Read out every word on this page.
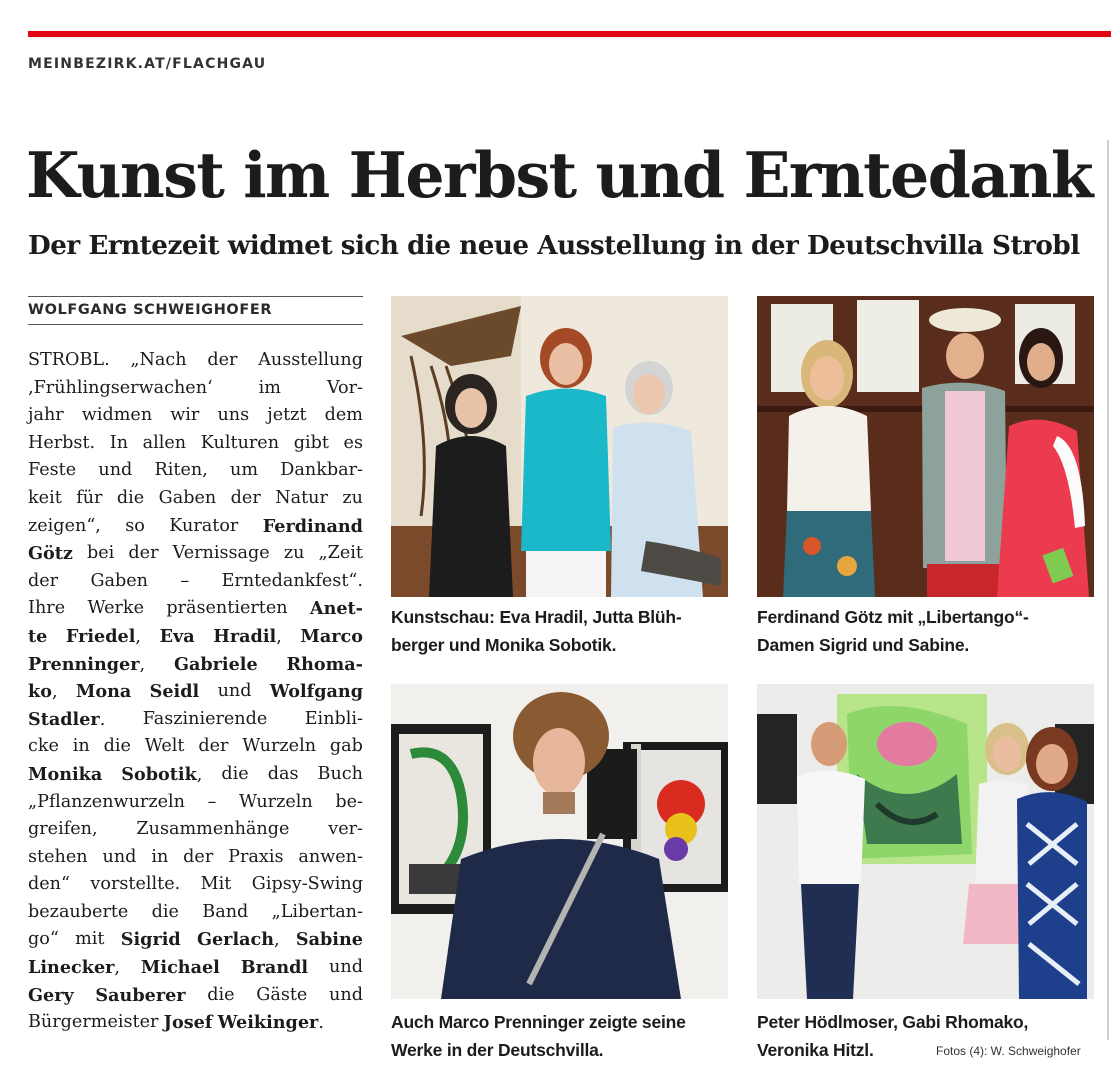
MEINBEZIRK.AT/FLACHGAU
Kunst im Herbst und Erntedank
Der Erntezeit widmet sich die neue Ausstellung in der Deutschvilla Strobl
WOLFGANG SCHWEIGHOFER
STROBL. „Nach der Ausstellung
‚Frühlingserwachen‘	im	Vor-
jahr widmen wir uns jetzt dem
Herbst. In allen Kulturen gibt es
Feste und Riten, um Dankbar-
keit für die Gaben der Natur zu
zeigen“, so Kurator Ferdinand
Götz bei der Vernissage zu „Zeit
der Gaben – Erntedankfest“.
Ihre Werke präsentierten Anet-
te Friedel, Eva Hradil, Marco
Prenninger, Gabriele Rhoma-
ko, Mona Seidl und Wolfgang
Stadler. Faszinierende Einbli-
cke in die Welt der Wurzeln gab
Monika Sobotik, die das Buch
„Pflanzenwurzeln – Wurzeln be-
greifen, Zusammenhänge ver-
stehen und in der Praxis anwen-
den“ vorstellte. Mit Gipsy-Swing
bezauberte die Band „Libertan-
go“ mit Sigrid Gerlach, Sabine
Linecker, Michael Brandl und
Gery Sauberer die Gäste und
Bürgermeister Josef Weikinger.
Kunstschau: Eva Hradil, Jutta Blüh-
berger und Monika Sobotik.
Ferdinand Götz mit „Libertango“-
Damen Sigrid und Sabine.
Auch Marco Prenninger zeigte seine
Werke in der Deutschvilla.
Peter Hödlmoser, Gabi Rhomako,
Veronika Hitzl.	Fotos (4): W. Schweighofer
